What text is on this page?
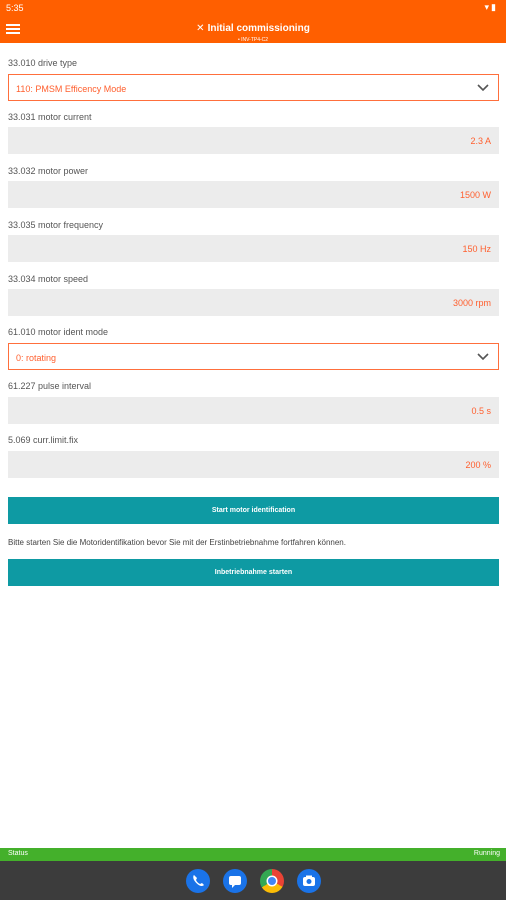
5:35	▾▮
✕ Initial commissioning
• INV-TP4-C2
33.010 drive type
110: PMSM Efficency Mode
33.031 motor current
2.3 A
33.032 motor power
1500 W
33.035 motor frequency
150 Hz
33.034 motor speed
3000 rpm
61.010 motor ident mode
0: rotating
61.227 pulse interval
0.5 s
5.069 curr.limit.fix
200 %
Start motor identification
Bitte starten Sie die Motoridentifikation bevor Sie mit der Erstinbetriebnahme fortfahren können.
Inbetriebnahme starten
Status	Running
